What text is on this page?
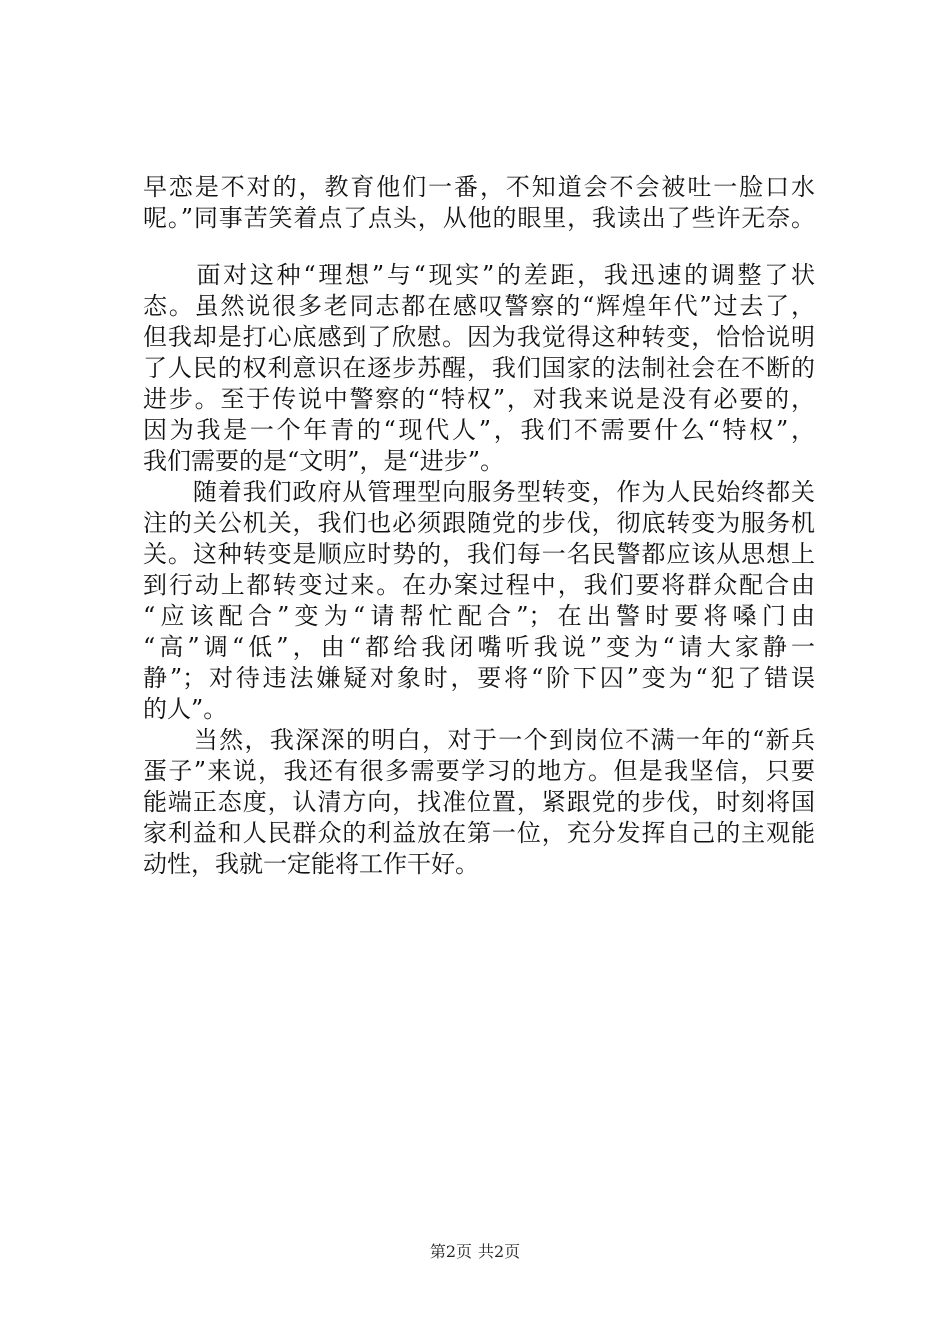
早恋是不对的，教育他们一番，不知道会不会被吐一脸口水
呢。”同事苦笑着点了点头，从他的眼里，我读出了些许无奈。
　　面对这种“理想”与“现实”的差距，我迅速的调整了状
态。虽然说很多老同志都在感叹警察的“辉煌年代”过去了，
但我却是打心底感到了欣慰。因为我觉得这种转变，恰恰说明
了人民的权利意识在逐步苏醒，我们国家的法制社会在不断的
进步。至于传说中警察的“特权”，对我来说是没有必要的，
因为我是一个年青的“现代人”，我们不需要什么“特权”，
我们需要的是“文明”，是“进步”。
　　随着我们政府从管理型向服务型转变，作为人民始终都关
注的关公机关，我们也必须跟随党的步伐，彻底转变为服务机
关。这种转变是顺应时势的，我们每一名民警都应该从思想上
到行动上都转变过来。在办案过程中，我们要将群众配合由
“应该配合”变为“请帮忙配合”；在出警时要将嗓门由
“高”调“低”，由“都给我闭嘴听我说”变为“请大家静一
静”；对待违法嫌疑对象时，要将“阶下囚”变为“犯了错误
的人”。
　　当然，我深深的明白，对于一个到岗位不满一年的“新兵
蛋子”来说，我还有很多需要学习的地方。但是我坚信，只要
能端正态度，认清方向，找准位置，紧跟党的步伐，时刻将国
家利益和人民群众的利益放在第一位，充分发挥自己的主观能
动性，我就一定能将工作干好。
第2页 共2页
